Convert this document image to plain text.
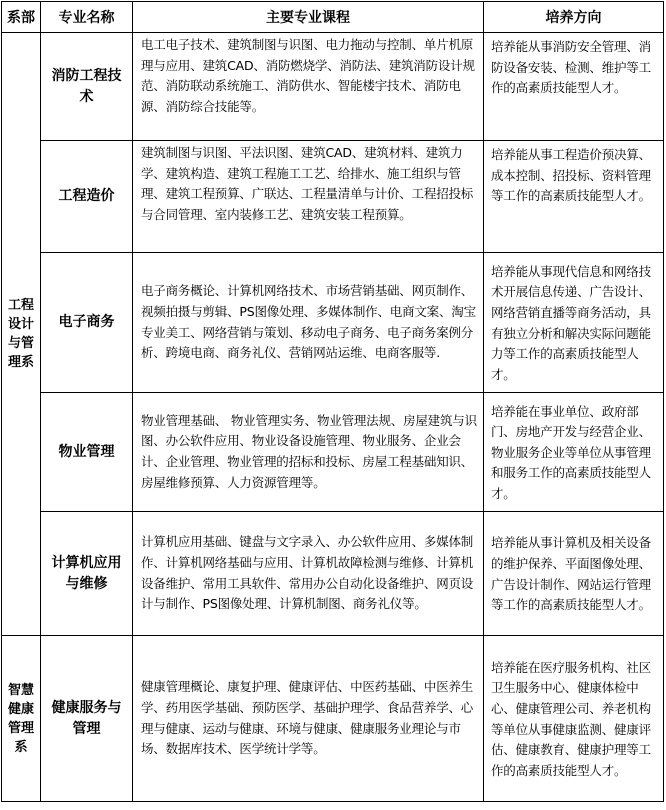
系部	专业名称	主要专业课程	培养方向
工程设计与管理系	消防工程技术	电工电子技术、建筑制图与识图、电力拖动与控制、单片机原理与应用、建筑CAD、消防燃烧学、消防法、建筑消防设计规范、消防联动系统施工、消防供水、智能楼宇技术、消防电源、消防综合技能等。	培养能从事消防安全管理、消防设备安装、检测、维护等工作的高素质技能型人才。
	工程造价	建筑制图与识图、平法识图、建筑CAD、建筑材料、建筑力学、建筑构造、建筑工程施工工艺、给排水、施工组织与管理、建筑工程预算、广联达、工程量清单与计价、工程招投标与合同管理、室内装修工艺、建筑安装工程预算。	培养能从事工程造价预决算、成本控制、招投标、资料管理等工作的高素质技能型人才。
	电子商务	电子商务概论、计算机网络技术、市场营销基础、网页制作、视频拍摄与剪辑、PS图像处理、多媒体制作、电商文案、淘宝专业美工、网络营销与策划、移动电子商务、电子商务案例分析、跨境电商、商务礼仪、营销网站运维、电商客服等.	培养能从事现代信息和网络技术开展信息传递、广告设计、网络营销直播等商务活动，具有独立分析和解决实际问题能力等工作的高素质技能型人才。
	物业管理	物业管理基础、 物业管理实务、物业管理法规、房屋建筑与识图、办公软件应用、物业设备设施管理、物业服务、企业会计、企业管理、物业管理的招标和投标、房屋工程基础知识、房屋维修预算、人力资源管理等。	培养能在事业单位、政府部门、房地产开发与经营企业、物业服务企业等单位从事管理和服务工作的高素质技能型人才。
	计算机应用与维修	计算机应用基础、键盘与文字录入、办公软件应用、多媒体制作、计算机网络基础与应用、计算机故障检测与维修、计算机设备维护、常用工具软件、常用办公自动化设备维护、网页设计与制作、PS图像处理、计算机制图、商务礼仪等。	培养能从事计算机及相关设备的维护保养、平面图像处理、广告设计制作、网站运行管理等工作的高素质技能型人才。
智慧健康管理系	健康服务与管理	健康管理概论、康复护理、健康评估、中医药基础、中医养生学、药用医学基础、预防医学、基础护理学、食品营养学、心理与健康、运动与健康、环境与健康、健康服务业理论与市场、数据库技术、医学统计学等。	培养能在医疗服务机构、社区卫生服务中心、健康体检中心、健康管理公司、养老机构等单位从事健康监测、健康评估、健康教育、健康护理等工作的高素质技能型人才。
